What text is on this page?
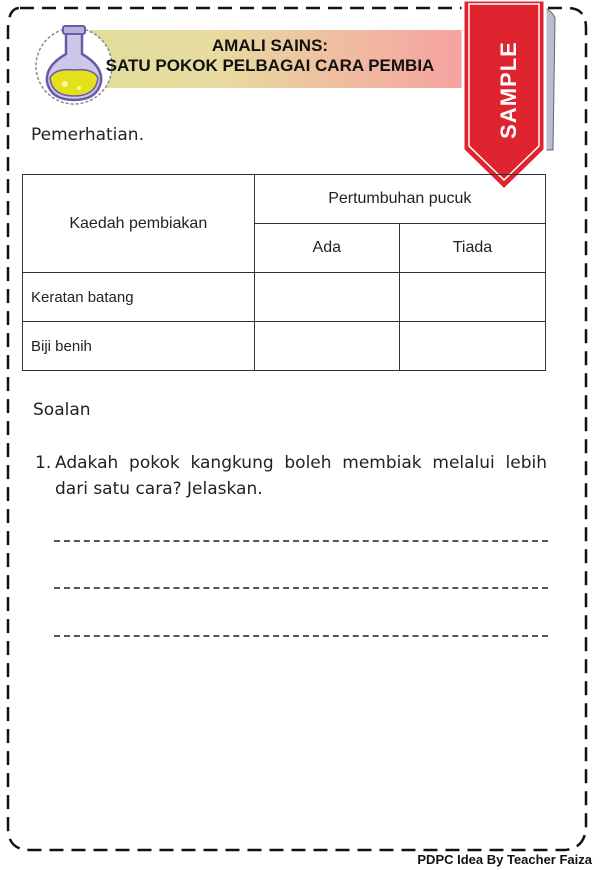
AMALI SAINS:
SATU POKOK PELBAGAI CARA PEMBIA	SAMPLE
Pemerhatian.
Kaedah pembiakan	Pertumbuhan pucuk	
	Ada	Tiada
Keratan batang		
Biji benih		
Soalan
1. Adakah pokok kangkung boleh membiak melalui lebih dari satu cara? Jelaskan.
PDPC Idea By Teacher Faiza
